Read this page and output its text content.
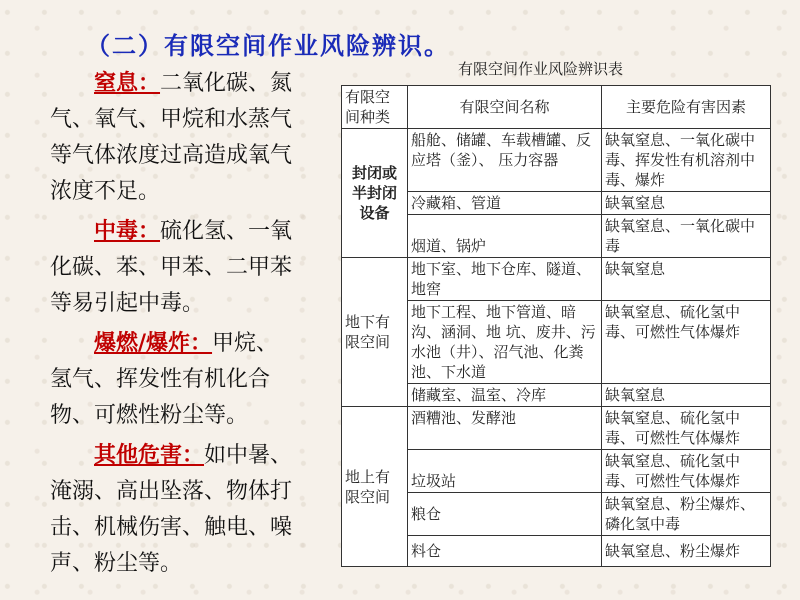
（二）有限空间作业风险辨识。

窒息：二氧化碳、氮气、氧气、甲烷和水蒸气等气体浓度过高造成氧气浓度不足。

中毒：硫化氢、一氧化碳、苯、甲苯、二甲苯等易引起中毒。

爆燃/爆炸：甲烷、氢气、挥发性有机化合物、可燃性粉尘等。

其他危害：如中暑、淹溺、高出坠落、物体打击、机械伤害、触电、噪声、粉尘等。

有限空间作业风险辨识表
有限空间种类	有限空间名称	主要危险有害因素
封闭或半封闭设备	船舱、储罐、车载槽罐、反应塔（釜）、 压力容器	缺氧窒息、一氧化碳中毒、挥发性有机溶剂中毒、爆炸
	冷藏箱、管道	缺氧窒息
	烟道、锅炉	缺氧窒息、一氧化碳中毒
地下有限空间	地下室、地下仓库、隧道、地窖	缺氧窒息
	地下工程、地下管道、暗沟、涵洞、地 坑、废井、污水池（井）、沼气池、化粪 池、下水道	缺氧窒息、硫化氢中毒、可燃性气体爆炸
	储藏室、温室、冷库	缺氧窒息
地上有限空间	酒糟池、发酵池	缺氧窒息、硫化氢中毒、可燃性气体爆炸
	垃圾站	缺氧窒息、硫化氢中毒、可燃性气体爆炸
	粮仓	缺氧窒息、粉尘爆炸、磷化氢中毒
	料仓	缺氧窒息、粉尘爆炸
